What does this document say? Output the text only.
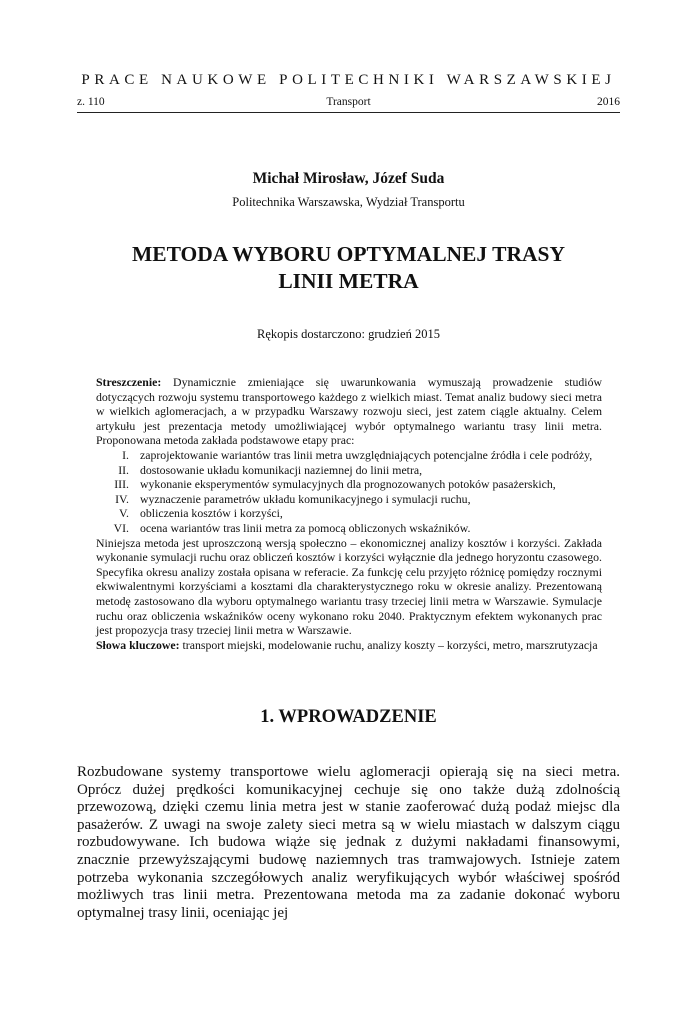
PRACE NAUKOWE POLITECHNIKI WARSZAWSKIEJ
z. 110	Transport	2016
Michał Mirosław, Józef Suda
Politechnika Warszawska, Wydział Transportu
METODA WYBORU OPTYMALNEJ TRASY
LINII METRA
Rękopis dostarczono: grudzień 2015

Streszczenie: Dynamicznie zmieniające się uwarunkowania wymuszają prowadzenie studiów dotyczących rozwoju systemu transportowego każdego z wielkich miast. Temat analiz budowy sieci metra w wielkich aglomeracjach, a w przypadku Warszawy rozwoju sieci, jest zatem ciągle aktualny. Celem artykułu jest prezentacja metody umożliwiającej wybór optymalnego wariantu trasy linii metra. Proponowana metoda zakłada podstawowe etapy prac:

I. zaprojektowanie wariantów tras linii metra uwzględniających potencjalne źródła i cele podróży,
II. dostosowanie układu komunikacji naziemnej do linii metra,
III. wykonanie eksperymentów symulacyjnych dla prognozowanych potoków pasażerskich,
IV. wyznaczenie parametrów układu komunikacyjnego i symulacji ruchu,
V. obliczenia kosztów i korzyści,
VI. ocena wariantów tras linii metra za pomocą obliczonych wskaźników.

Niniejsza metoda jest uproszczoną wersją społeczno – ekonomicznej analizy kosztów i korzyści. Zakłada wykonanie symulacji ruchu oraz obliczeń kosztów i korzyści wyłącznie dla jednego horyzontu czasowego. Specyfika okresu analizy została opisana w referacie. Za funkcję celu przyjęto różnicę pomiędzy rocznymi ekwiwalentnymi korzyściami a kosztami dla charakterystycznego roku w okresie analizy. Prezentowaną metodę zastosowano dla wyboru optymalnego wariantu trasy trzeciej linii metra w Warszawie. Symulacje ruchu oraz obliczenia wskaźników oceny wykonano roku 2040. Praktycznym efektem wykonanych prac jest propozycja trasy trzeciej linii metra w Warszawie.

Słowa kluczowe: transport miejski, modelowanie ruchu, analizy koszty – korzyści, metro, marszrutyzacja

1. WPROWADZENIE

Rozbudowane systemy transportowe wielu aglomeracji opierają się na sieci metra. Oprócz dużej prędkości komunikacyjnej cechuje się ono także dużą zdolnością przewozową, dzięki czemu linia metra jest w stanie zaoferować dużą podaż miejsc dla pasażerów. Z uwagi na swoje zalety sieci metra są w wielu miastach w dalszym ciągu rozbudowywane. Ich budowa wiąże się jednak z dużymi nakładami finansowymi, znacznie przewyższającymi budowę naziemnych tras tramwajowych. Istnieje zatem potrzeba wykonania szczegółowych analiz weryfikujących wybór właściwej spośród możliwych tras linii metra. Prezentowana metoda ma za zadanie dokonać wyboru optymalnej trasy linii, oceniając jej
